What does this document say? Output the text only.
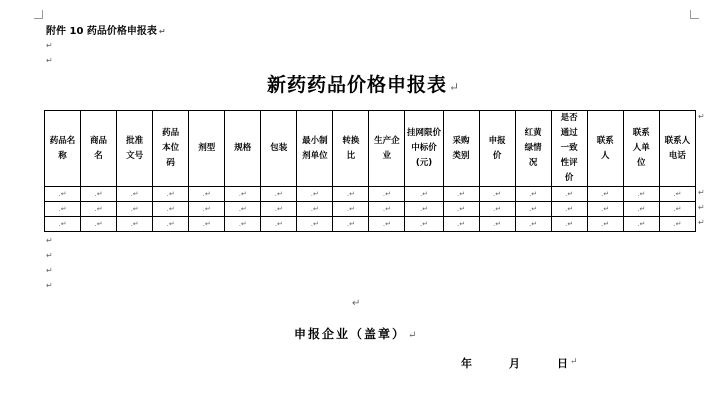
附件 10 药品价格申报表 ↵
↵
↵
新药药品价格申报表 ↵
药品名称	商品名	批准文号	药品本位码	剂型	规格	包装	最小制剂单位	转换比	生产企业	挂网限价中标价(元)	采购类别	申报价	红黄绿情况	是否通过一致性评价	联系人	联系人单位	联系人电话
.↵	.↵	.↵	.↵	.↵	.↵	.↵	.↵	.↵	.↵	.↵	.↵	.↵	.↵	.↵	.↵	.↵	.↵
.↵	.↵	.↵	.↵	.↵	.↵	.↵	.↵	.↵	.↵	.↵	.↵	.↵	.↵	.↵	.↵	.↵	.↵
.↵	.↵	.↵	.↵	.↵	.↵	.↵	.↵	.↵	.↵	.↵	.↵	.↵	.↵	.↵	.↵	.↵	.↵
↵
↵
↵
↵
↵
↵
↵
↵
↵
申报企业（盖章） ↵
年	月	日 ↵
